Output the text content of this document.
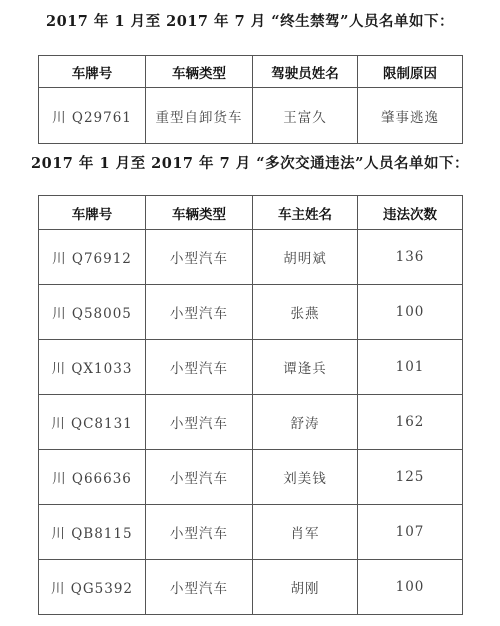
2017 年 1 月至 2017 年 7 月 “终生禁驾”人员名单如下：
车牌号	车辆类型	驾驶员姓名	限制原因
川 Q29761	重型自卸货车	王富久	肇事逃逸
2017 年 1 月至 2017 年 7 月 “多次交通违法”人员名单如下：
车牌号	车辆类型	车主姓名	违法次数
川 Q76912	小型汽车	胡明斌	136
川 Q58005	小型汽车	张燕	100
川 QX1033	小型汽车	谭逢兵	101
川 QC8131	小型汽车	舒涛	162
川 Q66636	小型汽车	刘美钱	125
川 QB8115	小型汽车	肖军	107
川 QG5392	小型汽车	胡刚	100
